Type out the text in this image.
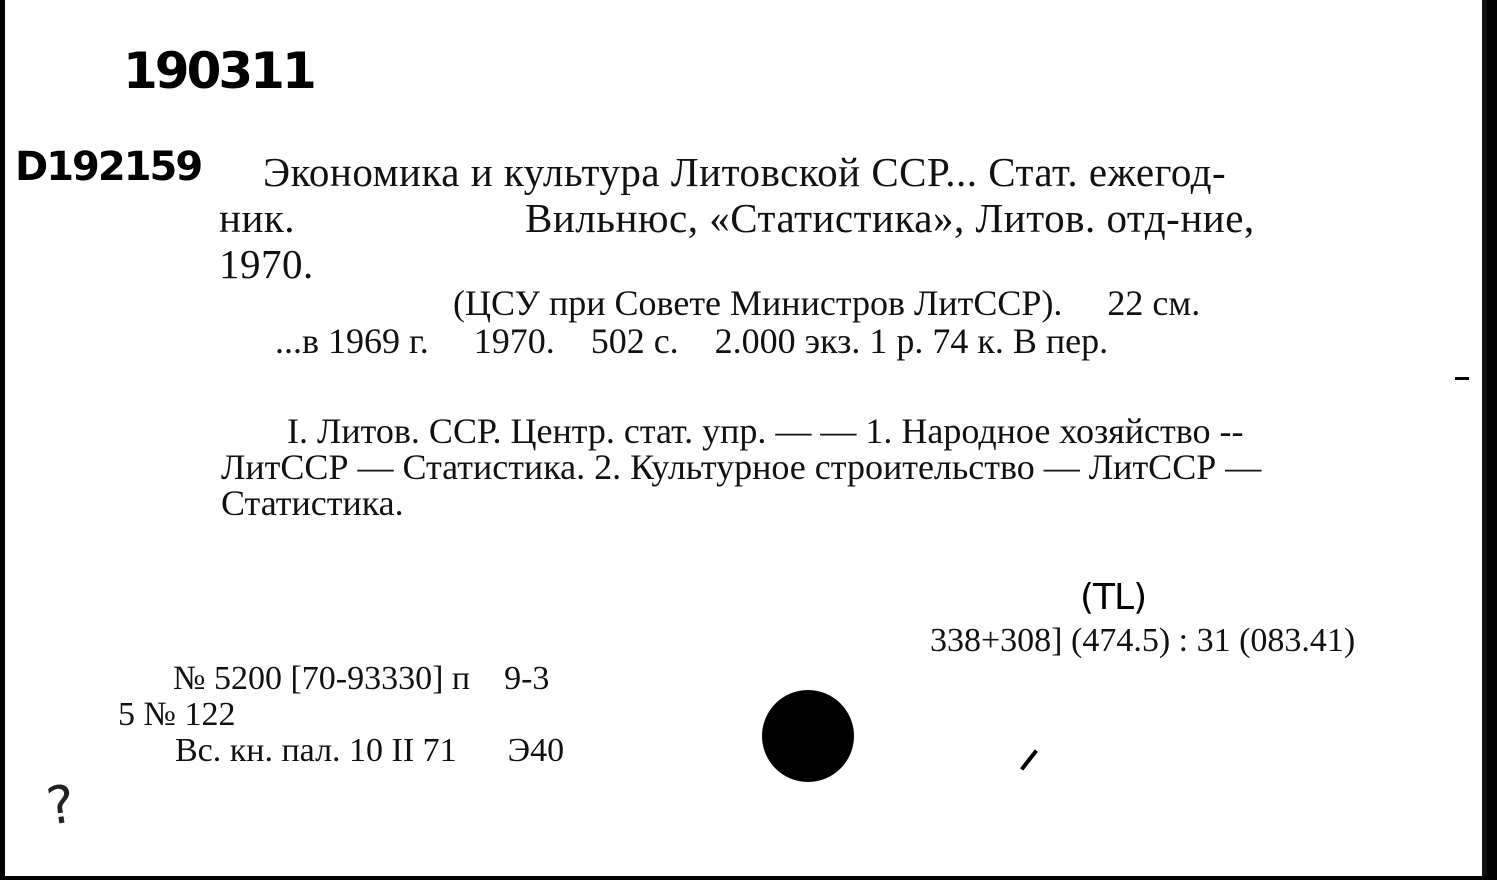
190311
D192159
(TL)
?
Экономика и культура Литовской ССР... Стат. ежегод-
ник.	Вильнюс, «Статистика», Литов. отд-ние,
1970.
(ЦСУ при Совете Министров ЛитССР).     22 см.
...в 1969 г.     1970.    502 с.    2.000 экз. 1 р. 74 к. В пер.
I. Литов. ССР. Центр. стат. упр. — — 1. Народное хозяйство --
ЛитССР — Статистика. 2. Культурное строительство — ЛитССР —
Статистика.
338+308] (474.5) : 31 (083.41)
№ 5200 [70-93330] п    9-3
5 № 122
Вс. кн. пал. 10 II 71      Э40
